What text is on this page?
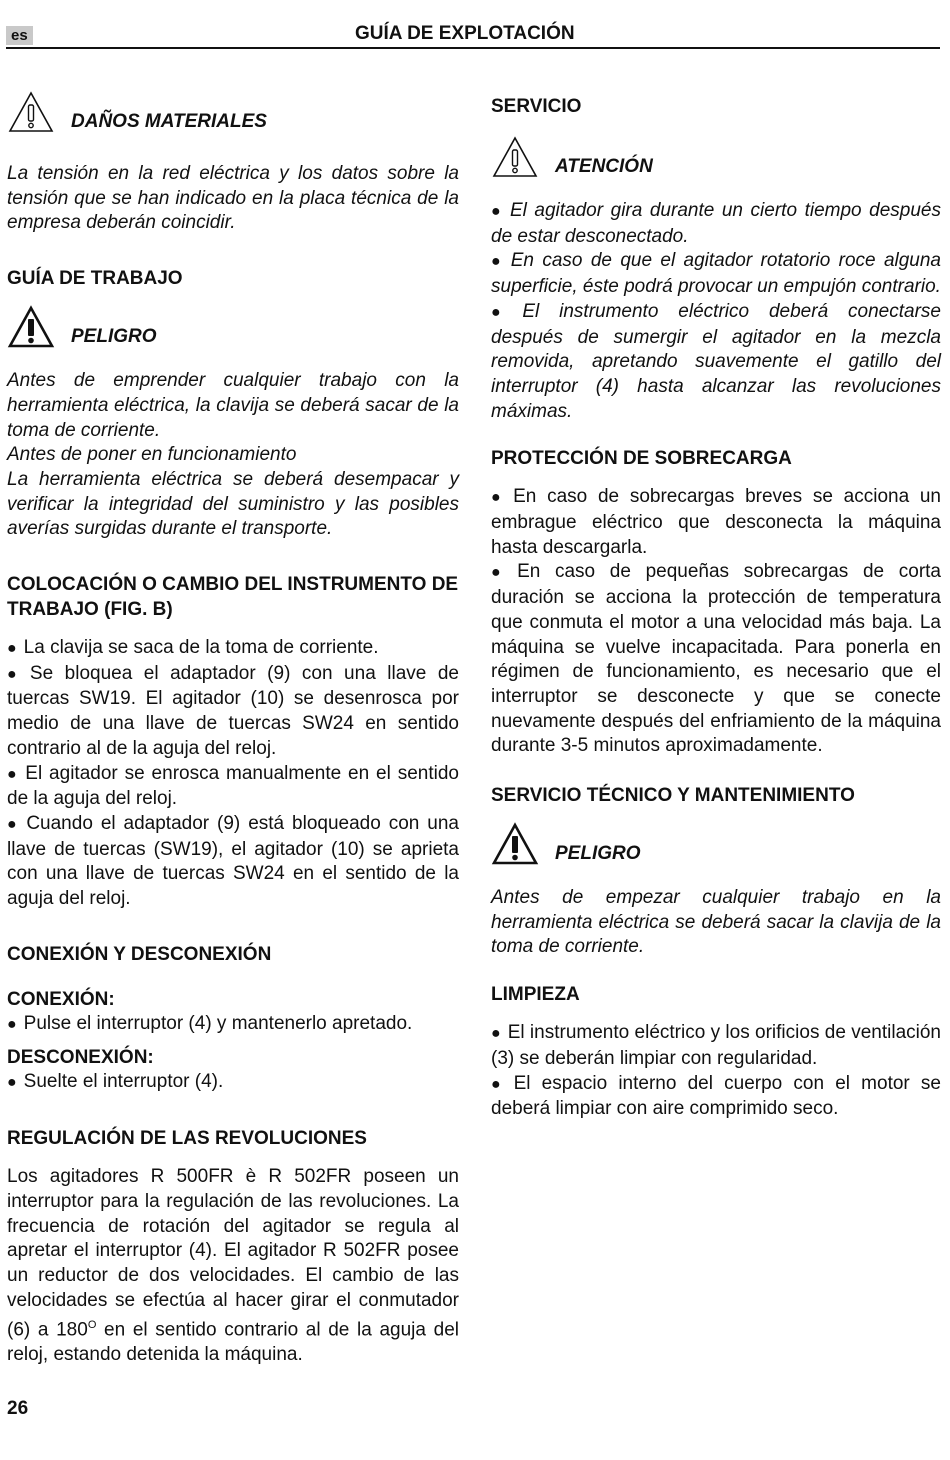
es	GUÍA DE EXPLOTACIÓN
DAÑOS MATERIALES

La tensión en la red eléctrica y los datos sobre la tensión que se han indicado en la placa técnica de la empresa deberán coincidir.

GUÍA DE TRABAJO

PELIGRO

Antes de emprender cualquier trabajo con la herramienta eléctrica, la clavija se deberá sacar de la toma de corriente.

Antes de poner en funcionamiento

La herramienta eléctrica se deberá desempacar y verificar la integridad del suministro y las posibles averías surgidas durante el transporte.

COLOCACIÓN O CAMBIO DEL INSTRUMENTO DE TRABAJO (FIG. B)

● La clavija se saca de la toma de corriente.

● Se bloquea el adaptador (9) con una llave de tuercas SW19. El agitador (10) se desenrosca por medio de una llave de tuercas SW24 en sentido contrario al de la aguja del reloj.

● El agitador se enrosca manualmente en el sentido de la aguja del reloj.

● Cuando el adaptador (9) está bloqueado con una llave de tuercas (SW19), el agitador (10) se aprieta con una llave de tuercas SW24 en el sentido de la aguja del reloj.

CONEXIÓN Y DESCONEXIÓN

CONEXIÓN:

● Pulse el interruptor (4) y mantenerlo apretado.

DESCONEXIÓN:

● Suelte el interruptor (4).

REGULACIÓN DE LAS REVOLUCIONES

Los agitadores R 500FR è R 502FR poseen un interruptor para la regulación de las revoluciones. La frecuencia de rotación del agitador se regula al apretar el interruptor (4). El agitador R 502FR posee un reductor de dos velocidades. El cambio de las velocidades se efectúa al hacer girar el conmutador (6) a $180^O$ en el sentido contrario al de la aguja del reloj, estando detenida la máquina.

SERVICIO

ATENCIÓN

● El agitador gira durante un cierto tiempo después de estar desconectado.

● En caso de que el agitador rotatorio roce alguna superficie, éste podrá provocar un empujón contrario.

● El instrumento eléctrico deberá conectarse después de sumergir el agitador en la mezcla removida, apretando suavemente el gatillo del interruptor (4) hasta alcanzar las revoluciones máximas.

PROTECCIÓN DE SOBRECARGA

● En caso de sobrecargas breves se acciona un embrague eléctrico que desconecta la máquina hasta descargarla.

● En caso de pequeñas sobrecargas de corta duración se acciona la protección de temperatura que conmuta el motor a una velocidad más baja. La máquina se vuelve incapacitada. Para ponerla en régimen de funcionamiento, es necesario que el interruptor se desconecte y que se conecte nuevamente después del enfriamiento de la máquina durante 3-5 minutos aproximadamente.

SERVICIO TÉCNICO Y MANTENIMIENTO

PELIGRO

Antes de empezar cualquier trabajo en la herramienta eléctrica se deberá sacar la clavija de la toma de corriente.

LIMPIEZA

● El instrumento eléctrico y los orificios de ventilación (3) se deberán limpiar con regularidad.

● El espacio interno del cuerpo con el motor se deberá limpiar con aire comprimido seco.

26
